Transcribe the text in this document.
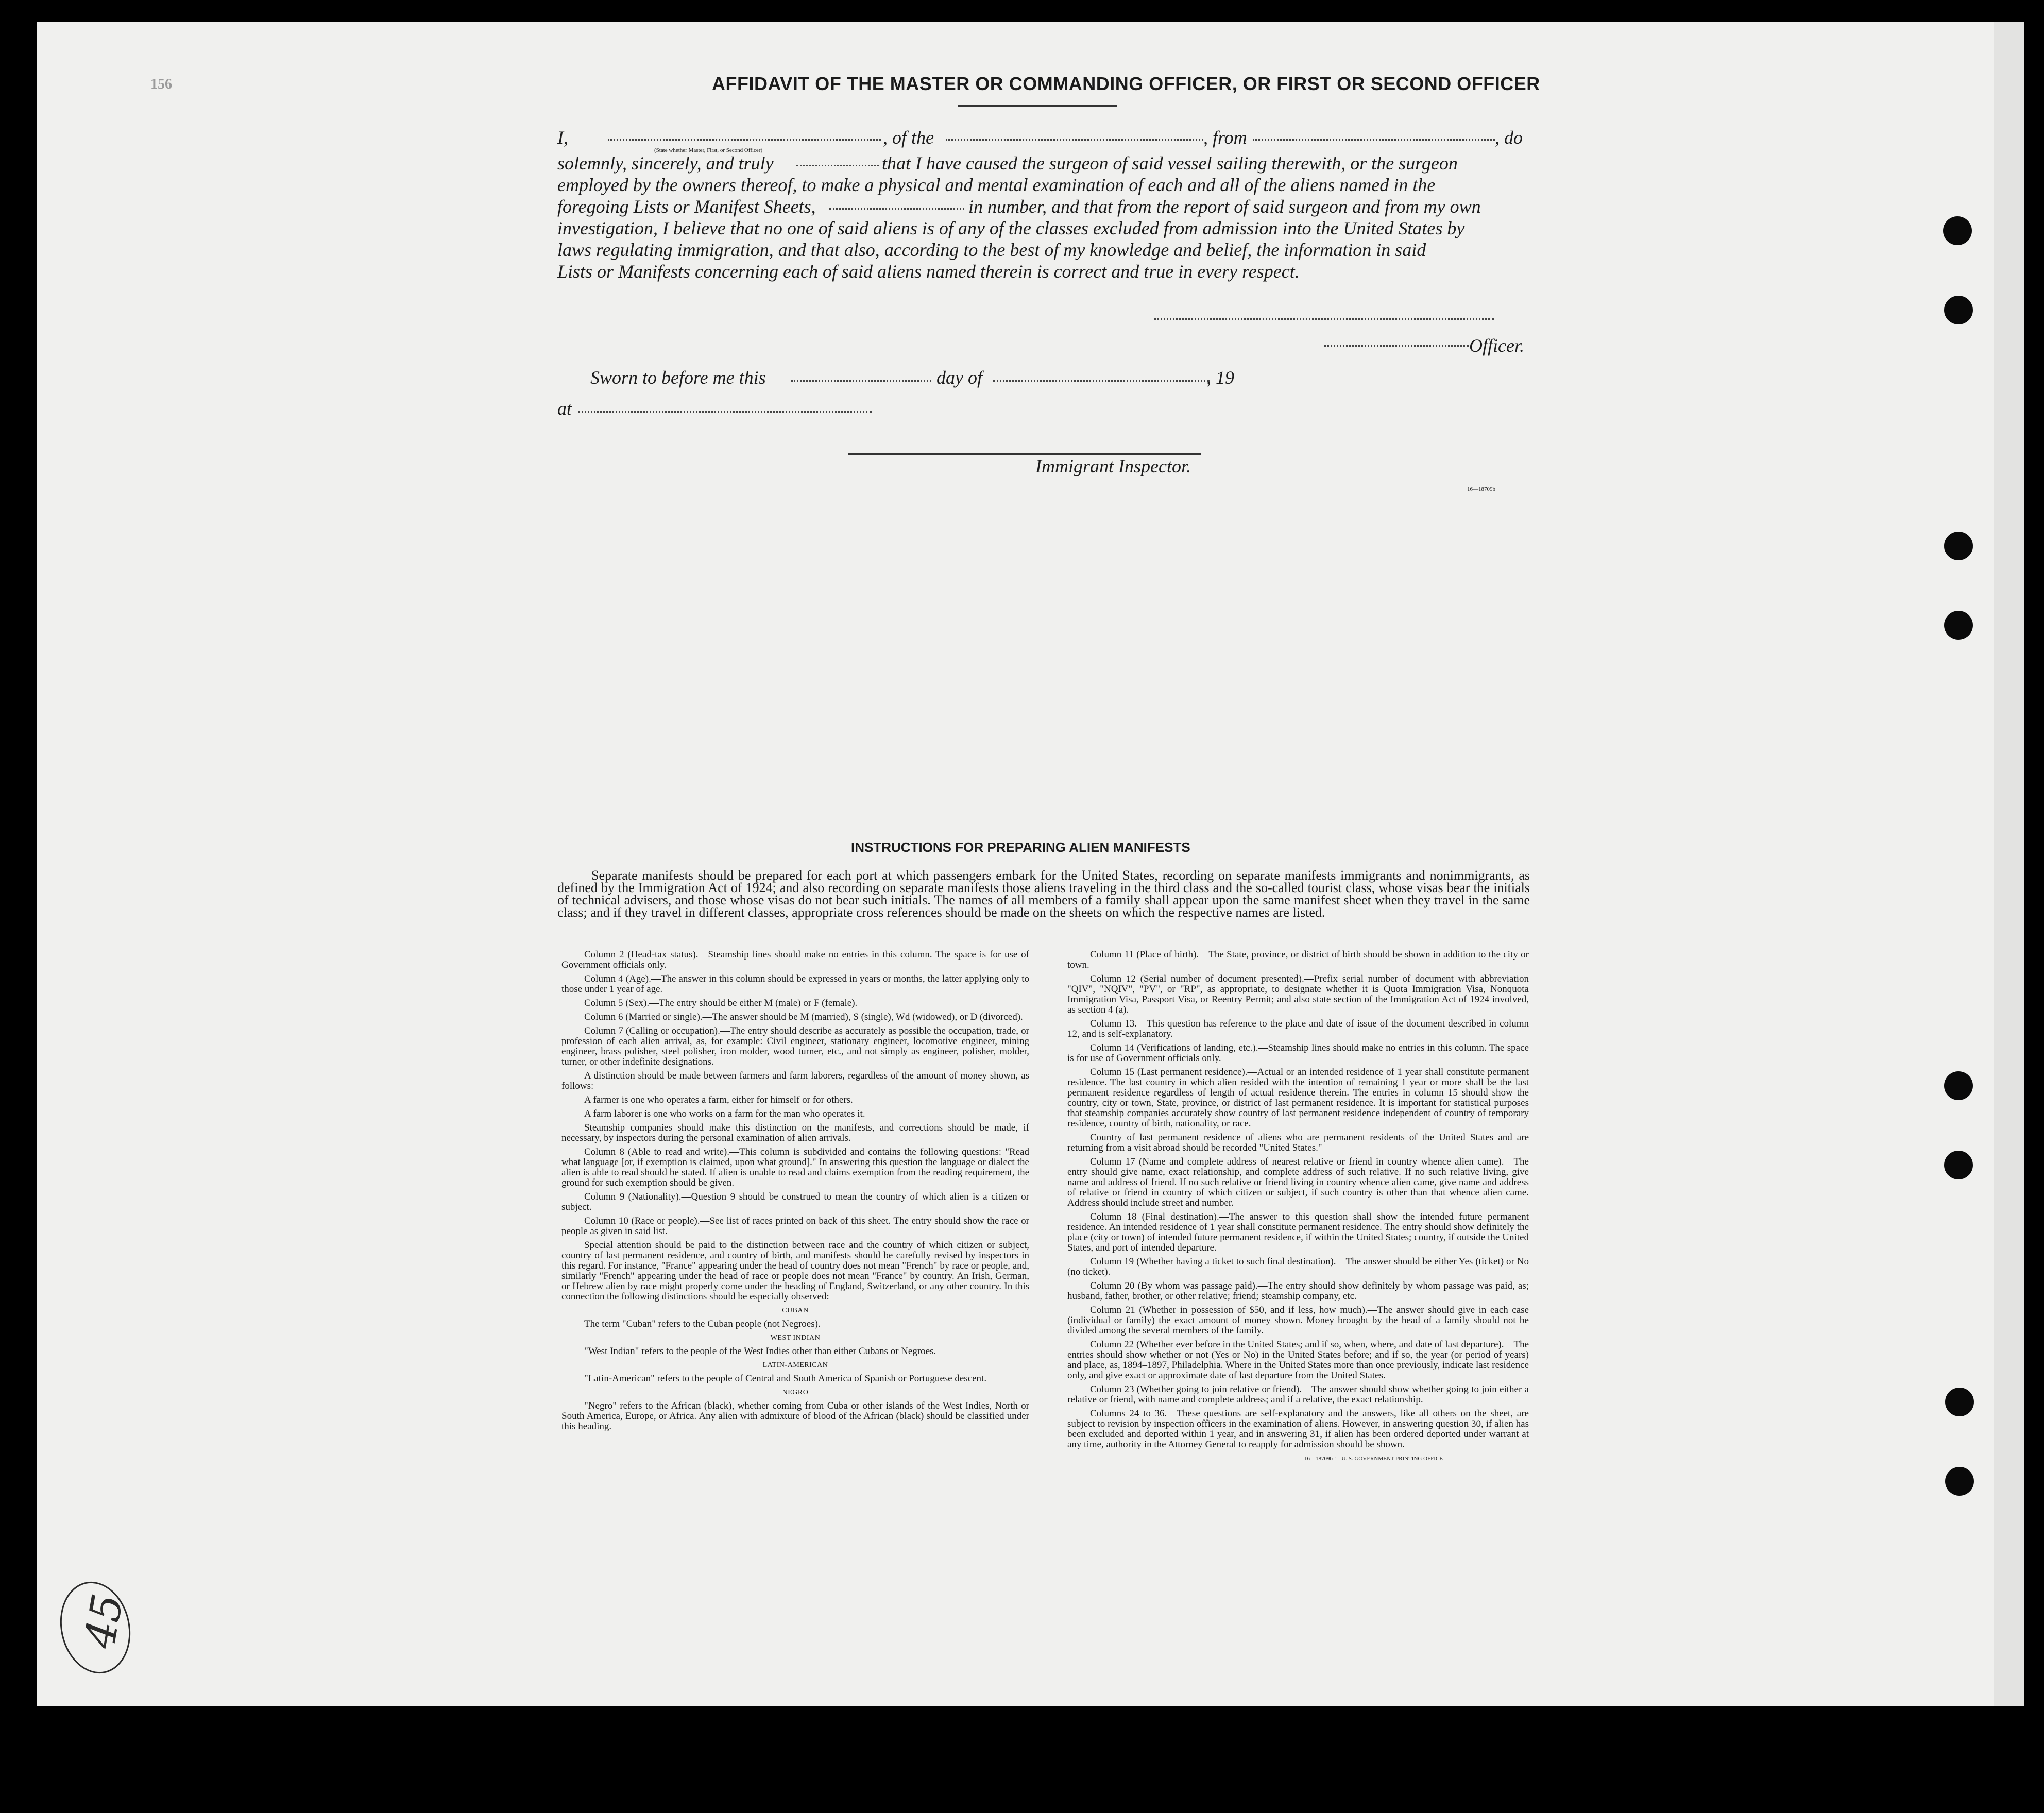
156	AFFIDAVIT OF THE MASTER OR COMMANDING OFFICER, OR FIRST OR SECOND OFFICER
I,	, of the	, from	, do
(State whether Master, First, or Second Officer)
solemnly, sincerely, and truly	that I have caused the surgeon of said vessel sailing therewith, or the surgeon
employed by the owners thereof, to make a physical and mental examination of each and all of the aliens named in the
foregoing Lists or Manifest Sheets,	in number, and that from the report of said surgeon and from my own
investigation, I believe that no one of said aliens is of any of the classes excluded from admission into the United States by
laws regulating immigration, and that also, according to the best of my knowledge and belief, the information in said
Lists or Manifests concerning each of said aliens named therein is correct and true in every respect.
Officer.
Sworn to before me this	day of	, 19
at
Immigrant Inspector.
16—18709b
INSTRUCTIONS FOR PREPARING ALIEN MANIFESTS
Separate manifests should be prepared for each port at which passengers embark for the United States, recording on separate manifests immigrants and nonimmigrants, as defined by the Immigration Act of 1924; and also recording on separate manifests those aliens traveling in the third class and the so-called tourist class, whose visas bear the initials of technical advisers, and those whose visas do not bear such initials. The names of all members of a family shall appear upon the same manifest sheet when they travel in the same class; and if they travel in different classes, appropriate cross references should be made on the sheets on which the respective names are listed.

Column 2 (Head-tax status).—Steamship lines should make no entries in this column. The space is for use of Government officials only.

Column 4 (Age).—The answer in this column should be expressed in years or months, the latter applying only to those under 1 year of age.

Column 5 (Sex).—The entry should be either M (male) or F (female).

Column 6 (Married or single).—The answer should be M (married), S (single), Wd (widowed), or D (divorced).

Column 7 (Calling or occupation).—The entry should describe as accurately as possible the occupation, trade, or profession of each alien arrival, as, for example: Civil engineer, stationary engineer, locomotive engineer, mining engineer, brass polisher, steel polisher, iron molder, wood turner, etc., and not simply as engineer, polisher, molder, turner, or other indefinite designations.

A distinction should be made between farmers and farm laborers, regardless of the amount of money shown, as follows:

A farmer is one who operates a farm, either for himself or for others.

A farm laborer is one who works on a farm for the man who operates it.

Steamship companies should make this distinction on the manifests, and corrections should be made, if necessary, by inspectors during the personal examination of alien arrivals.

Column 8 (Able to read and write).—This column is subdivided and contains the following questions: "Read what language [or, if exemption is claimed, upon what ground]." In answering this question the language or dialect the alien is able to read should be stated. If alien is unable to read and claims exemption from the reading requirement, the ground for such exemption should be given.

Column 9 (Nationality).—Question 9 should be construed to mean the country of which alien is a citizen or subject.

Column 10 (Race or people).—See list of races printed on back of this sheet. The entry should show the race or people as given in said list.

Special attention should be paid to the distinction between race and the country of which citizen or subject, country of last permanent residence, and country of birth, and manifests should be carefully revised by inspectors in this regard. For instance, "France" appearing under the head of country does not mean "French" by race or people, and, similarly "French" appearing under the head of race or people does not mean "France" by country. An Irish, German, or Hebrew alien by race might properly come under the heading of England, Switzerland, or any other country. In this connection the following distinctions should be especially observed:

CUBAN

The term "Cuban" refers to the Cuban people (not Negroes).

WEST INDIAN

"West Indian" refers to the people of the West Indies other than either Cubans or Negroes.

LATIN-AMERICAN

"Latin-American" refers to the people of Central and South America of Spanish or Portuguese descent.

NEGRO

"Negro" refers to the African (black), whether coming from Cuba or other islands of the West Indies, North or South America, Europe, or Africa. Any alien with admixture of blood of the African (black) should be classified under this heading.

Column 11 (Place of birth).—The State, province, or district of birth should be shown in addition to the city or town.

Column 12 (Serial number of document presented).—Prefix serial number of document with abbreviation "QIV", "NQIV", "PV", or "RP", as appropriate, to designate whether it is Quota Immigration Visa, Nonquota Immigration Visa, Passport Visa, or Reentry Permit; and also state section of the Immigration Act of 1924 involved, as section 4 (a).

Column 13.—This question has reference to the place and date of issue of the document described in column 12, and is self-explanatory.

Column 14 (Verifications of landing, etc.).—Steamship lines should make no entries in this column. The space is for use of Government officials only.

Column 15 (Last permanent residence).—Actual or an intended residence of 1 year shall constitute permanent residence. The last country in which alien resided with the intention of remaining 1 year or more shall be the last permanent residence regardless of length of actual residence therein. The entries in column 15 should show the country, city or town, State, province, or district of last permanent residence. It is important for statistical purposes that steamship companies accurately show country of last permanent residence independent of country of temporary residence, country of birth, nationality, or race.

Country of last permanent residence of aliens who are permanent residents of the United States and are returning from a visit abroad should be recorded "United States."

Column 17 (Name and complete address of nearest relative or friend in country whence alien came).—The entry should give name, exact relationship, and complete address of such relative. If no such relative living, give name and address of friend. If no such relative or friend living in country whence alien came, give name and address of relative or friend in country of which citizen or subject, if such country is other than that whence alien came. Address should include street and number.

Column 18 (Final destination).—The answer to this question shall show the intended future permanent residence. An intended residence of 1 year shall constitute permanent residence. The entry should show definitely the place (city or town) of intended future permanent residence, if within the United States; country, if outside the United States, and port of intended departure.

Column 19 (Whether having a ticket to such final destination).—The answer should be either Yes (ticket) or No (no ticket).

Column 20 (By whom was passage paid).—The entry should show definitely by whom passage was paid, as; husband, father, brother, or other relative; friend; steamship company, etc.

Column 21 (Whether in possession of $50, and if less, how much).—The answer should give in each case (individual or family) the exact amount of money shown. Money brought by the head of a family should not be divided among the several members of the family.

Column 22 (Whether ever before in the United States; and if so, when, where, and date of last departure).—The entries should show whether or not (Yes or No) in the United States before; and if so, the year (or period of years) and place, as, 1894–1897, Philadelphia. Where in the United States more than once previously, indicate last residence only, and give exact or approximate date of last departure from the United States.

Column 23 (Whether going to join relative or friend).—The answer should show whether going to join either a relative or friend, with name and complete address; and if a relative, the exact relationship.

Columns 24 to 36.—These questions are self-explanatory and the answers, like all others on the sheet, are subject to revision by inspection officers in the examination of aliens. However, in answering question 30, if alien has been excluded and deported within 1 year, and in answering 31, if alien has been ordered deported under warrant at any time, authority in the Attorney General to reapply for admission should be shown.

16—18709b-1 U. S. GOVERNMENT PRINTING OFFICE
45
